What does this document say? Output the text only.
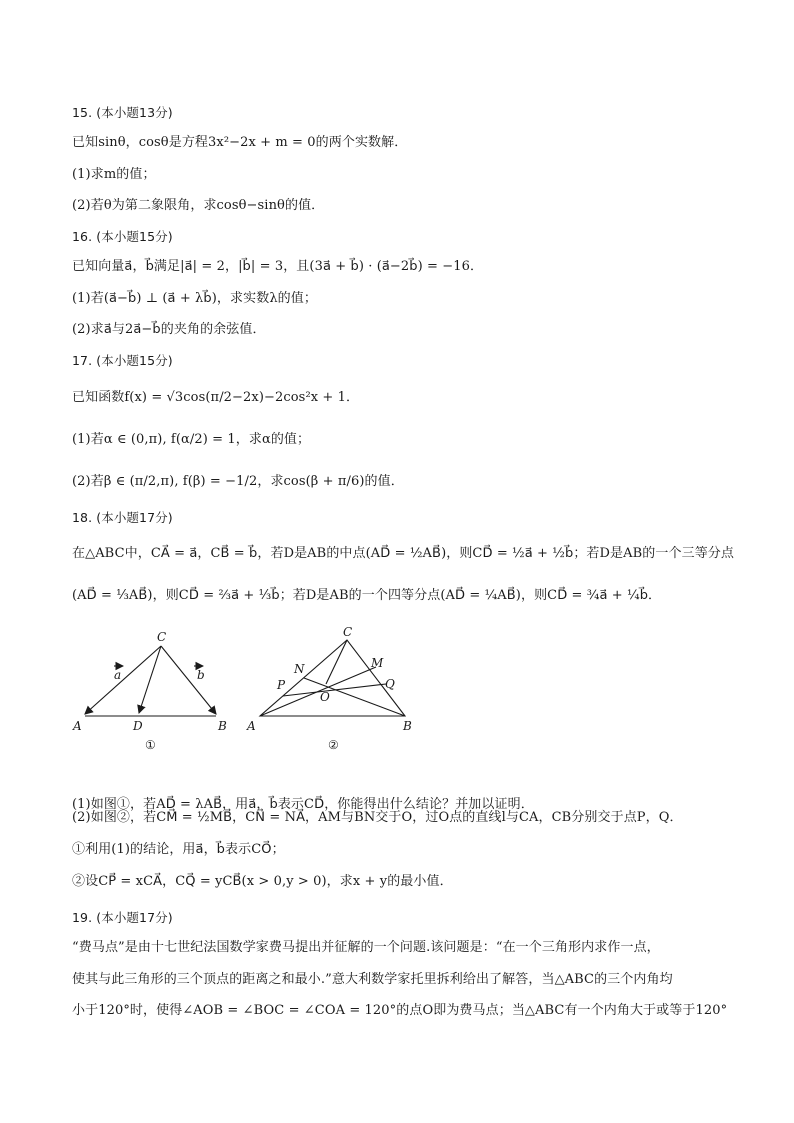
15. (本小题13分)
已知sinθ，cosθ是方程3x²−2x + m = 0的两个实数解．
(1)求m的值；
(2)若θ为第二象限角，求cosθ−sinθ的值．
16. (本小题15分)
已知向量a⃗，b⃗满足|a⃗| = 2，|b⃗| = 3，且(3a⃗ + b⃗) · (a⃗−2b⃗) = −16．
(1)若(a⃗−b⃗) ⊥ (a⃗ + λb⃗)，求实数λ的值；
(2)求a⃗与2a⃗−b⃗的夹角的余弦值．
17. (本小题15分)
已知函数f(x) = √3cos(π/2−2x)−2cos²x + 1．
(1)若α ∈ (0,π), f(α/2) = 1，求α的值；
(2)若β ∈ (π/2,π), f(β) = −1/2，求cos(β + π/6)的值．
18. (本小题17分)
在△ABC中，CA⃗ = a⃗，CB⃗ = b⃗，若D是AB的中点(AD⃗ = ½AB⃗)，则CD⃗ = ½a⃗ + ½b⃗；若D是AB的一个三等分点
(AD⃗ = ⅓AB⃗)，则CD⃗ = ⅔a⃗ + ⅓b⃗；若D是AB的一个四等分点(AD⃗ = ¼AB⃗)，则CD⃗ = ¾a⃗ + ¼b⃗．
(1)如图①，若AD⃗ = λAB⃗，用a⃗，b⃗表示CD⃗，你能得出什么结论？并加以证明．
(2)如图②，若CM⃗ = ½MB⃗，CN⃗ = NA⃗，AM与BN交于O，过O点的直线l与CA，CB分别交于点P，Q．
①利用(1)的结论，用a⃗，b⃗表示CO⃗；
②设CP⃗ = xCA⃗，CQ⃗ = yCB⃗(x > 0,y > 0)，求x + y的最小值．
19. (本小题17分)
“费马点”是由十七世纪法国数学家费马提出并征解的一个问题.该问题是：“在一个三角形内求作一点，
使其与此三角形的三个顶点的距离之和最小.”意大利数学家托里拆利给出了解答，当△ABC的三个内角均
小于120°时，使得∠AOB = ∠BOC = ∠COA = 120°的点O即为费马点；当△ABC有一个内角大于或等于120°
C
a	b
A	D	B
①
C
N	M
P	Q
O
A	B
②
